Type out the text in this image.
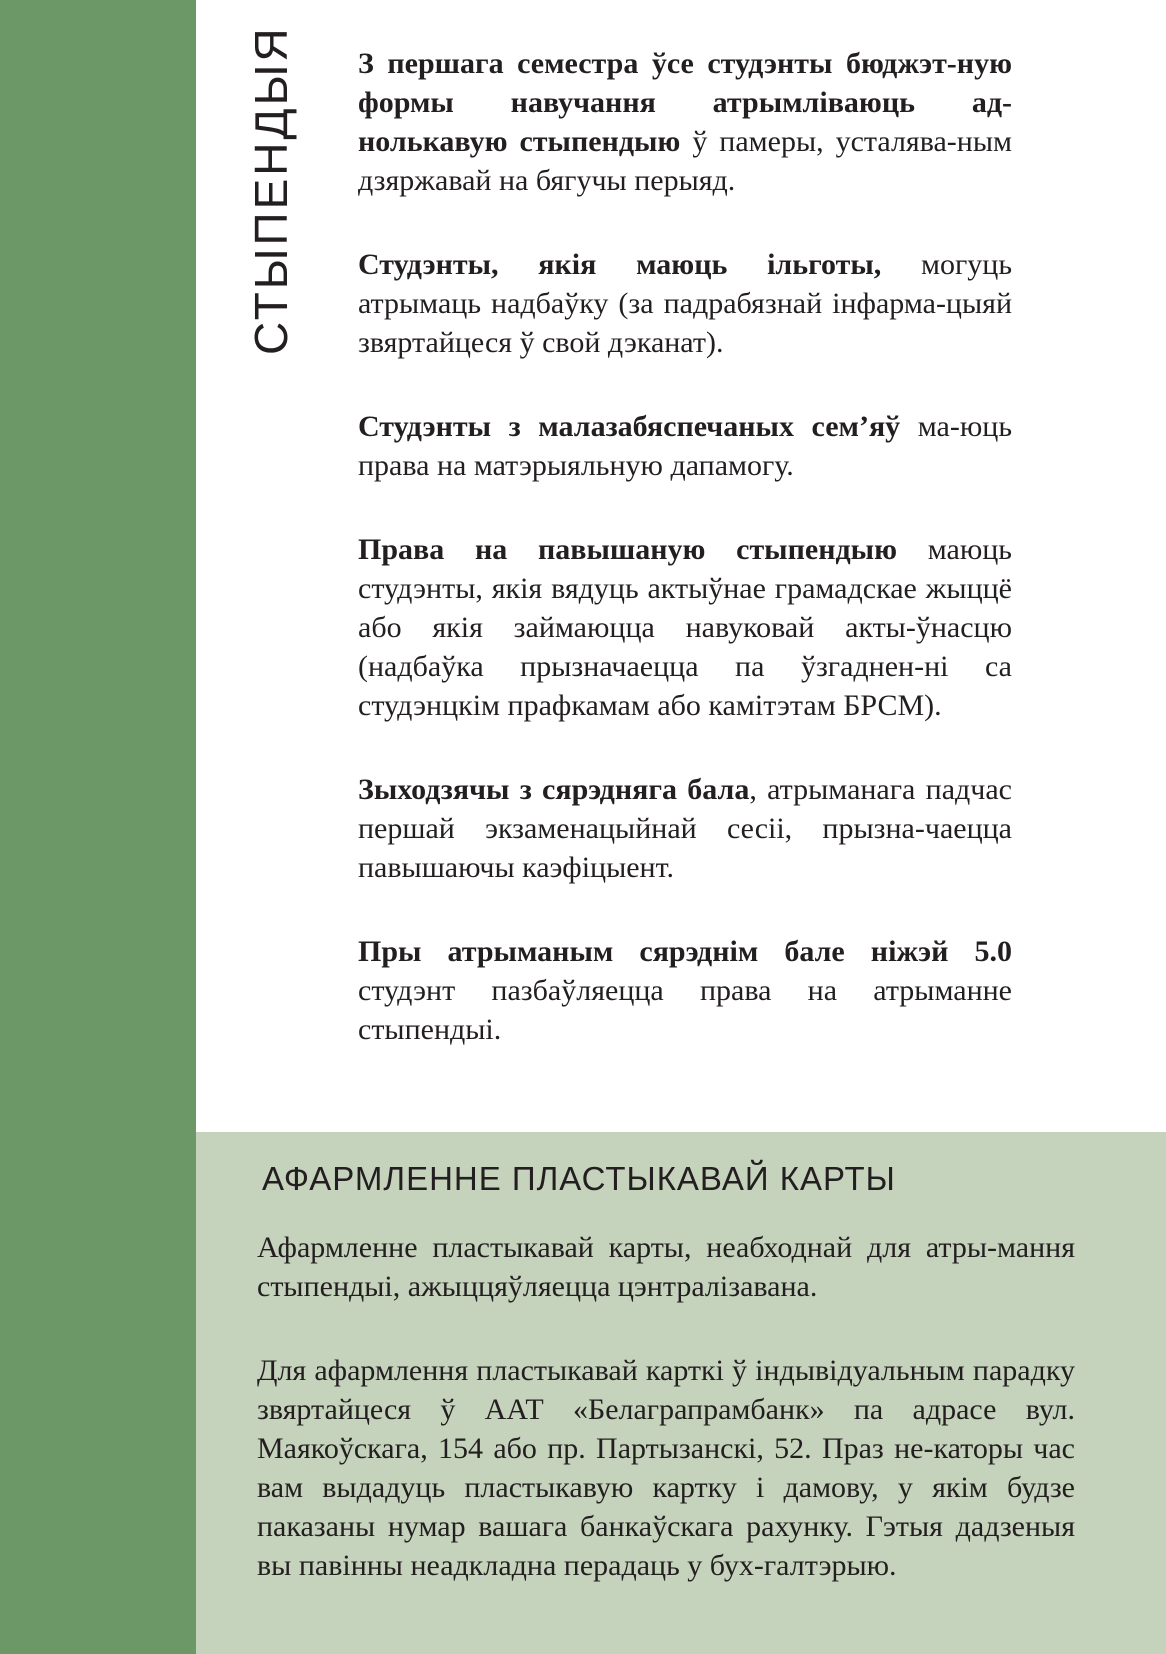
СТЫПЕНДЫЯ З першага семестра ўсе студэнты бюджэт-ную формы навучання атрымліваюць ад-нолькавую стыпендыю ў памеры, усталява-ным дзяржавай на бягучы перыяд.

Студэнты, якія маюць ільготы, могуць атрымаць надбаўку (за падрабязнай інфарма-цыяй звяртайцеся ў свой дэканат).

Студэнты з малазабяспечаных сем’яў ма-юць права на матэрыяльную дапамогу.

Права на павышаную стыпендыю маюць студэнты, якія вядуць актыўнае грамадскае жыццё або якія займаюцца навуковай акты-ўнасцю (надбаўка прызначаецца па ўзгаднен-ні са студэнцкім прафкамам або камітэтам БРСМ).

Зыходзячы з сярэдняга бала, атрыманага падчас першай экзаменацыйнай сесіі, прызна-чаецца павышаючы каэфіцыент.

Пры атрыманым сярэднім бале ніжэй 5.0 студэнт пазбаўляецца права на атрыманне стыпендыі.

АФАРМЛЕННЕ ПЛАСТЫКАВАЙ КАРТЫ

Афармленне пластыкавай карты, неабходнай для атры-мання стыпендыі, ажыццяўляецца цэнтралізавана.

Для афармлення пластыкавай карткі ў індывідуальным парадку звяртайцеся ў ААТ «Белаграпрамбанк» па адрасе вул. Маякоўскага, 154 або пр. Партызанскі, 52. Праз не-каторы час вам выдадуць пластыкавую картку і дамову, у якім будзе паказаны нумар вашага банкаўскага рахунку. Гэтыя дадзеныя вы павінны неадкладна перадаць у бух-галтэрыю.
